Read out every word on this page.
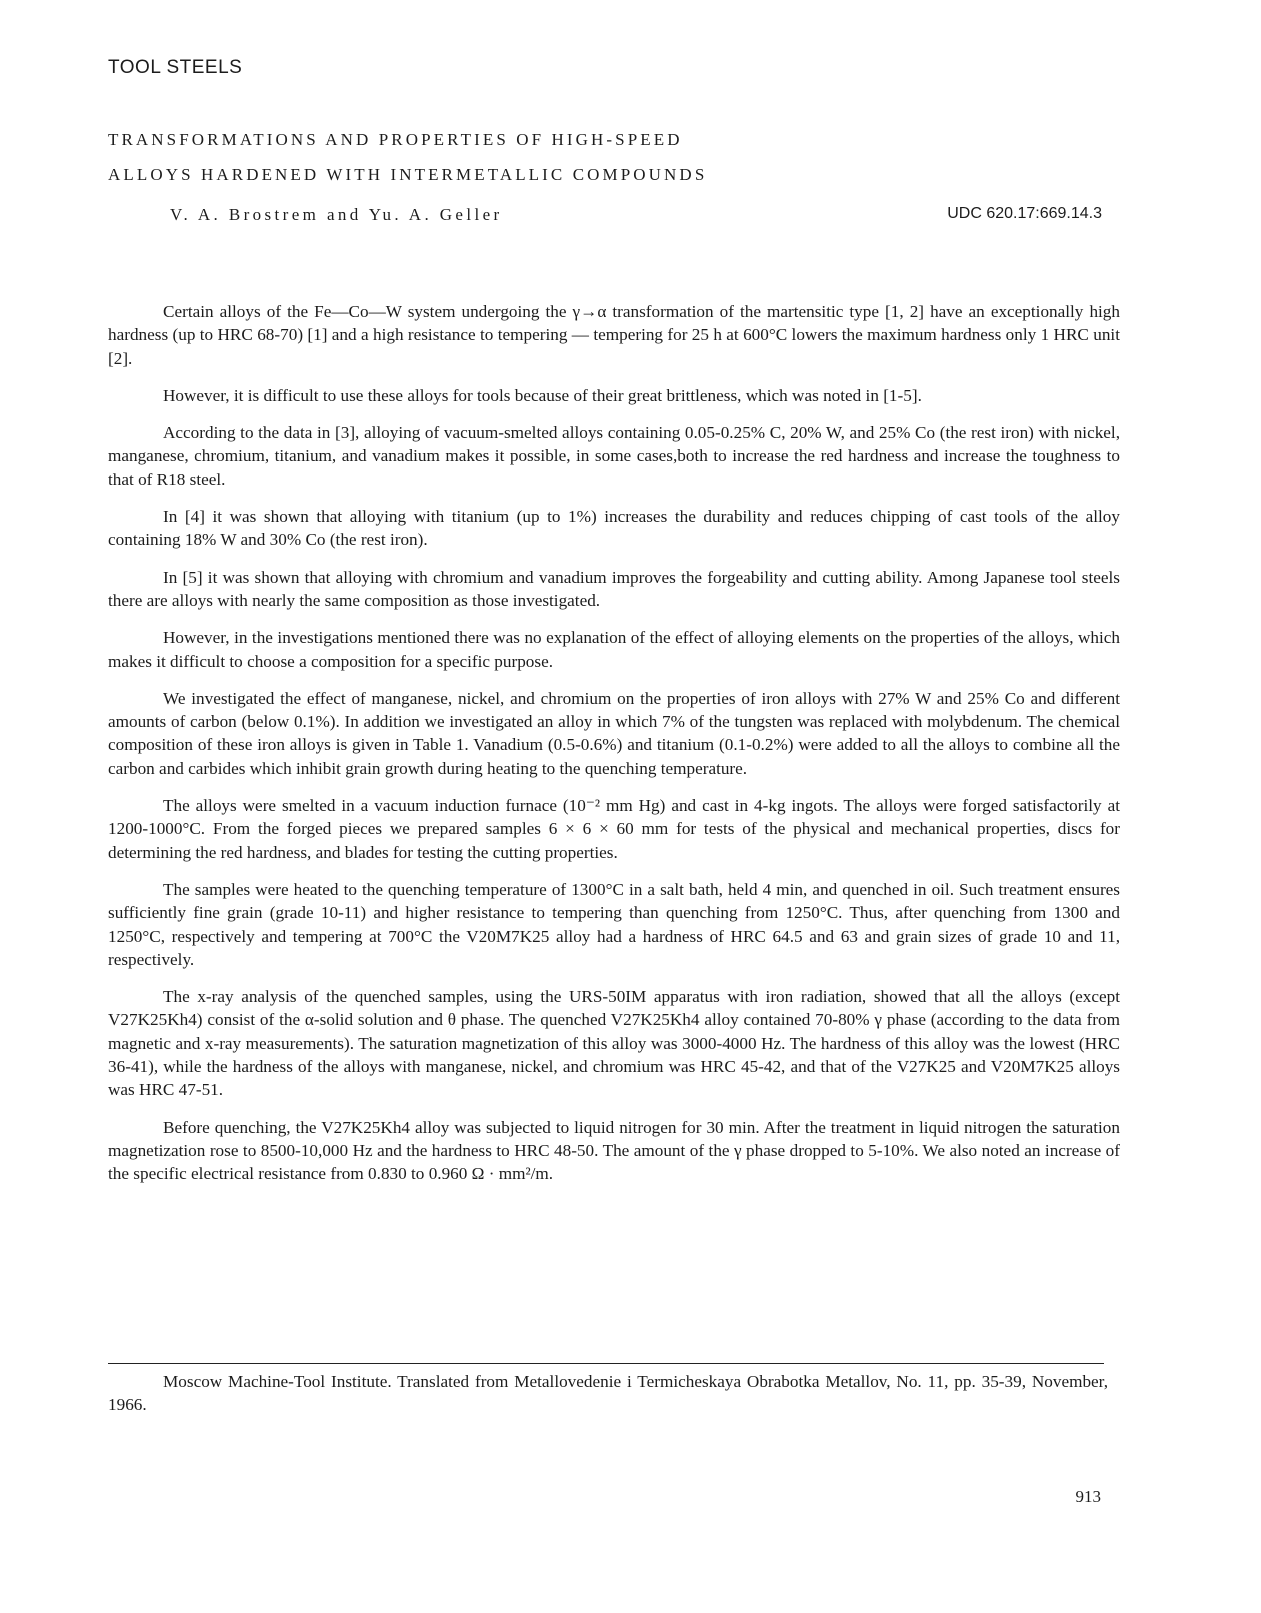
TOOL STEELS
TRANSFORMATIONS AND PROPERTIES OF HIGH-SPEED
ALLOYS HARDENED WITH INTERMETALLIC COMPOUNDS
V. A. Brostrem and Yu. A. Geller	UDC 620.17:669.14.3

Certain alloys of the Fe—Co—W system undergoing the γ→α transformation of the martensitic type [1, 2] have an exceptionally high hardness (up to HRC 68-70) [1] and a high resistance to tempering — tempering for 25 h at 600°C lowers the maximum hardness only 1 HRC unit [2].

However, it is difficult to use these alloys for tools because of their great brittleness, which was noted in [1-5].

According to the data in [3], alloying of vacuum-smelted alloys containing 0.05-0.25% C, 20% W, and 25% Co (the rest iron) with nickel, manganese, chromium, titanium, and vanadium makes it possible, in some cases,both to increase the red hardness and increase the toughness to that of R18 steel.

In [4] it was shown that alloying with titanium (up to 1%) increases the durability and reduces chipping of cast tools of the alloy containing 18% W and 30% Co (the rest iron).

In [5] it was shown that alloying with chromium and vanadium improves the forgeability and cutting ability. Among Japanese tool steels there are alloys with nearly the same composition as those investigated.

However, in the investigations mentioned there was no explanation of the effect of alloying elements on the properties of the alloys, which makes it difficult to choose a composition for a specific purpose.

We investigated the effect of manganese, nickel, and chromium on the properties of iron alloys with 27% W and 25% Co and different amounts of carbon (below 0.1%). In addition we investigated an alloy in which 7% of the tungsten was replaced with molybdenum. The chemical composition of these iron alloys is given in Table 1. Vanadium (0.5-0.6%) and titanium (0.1-0.2%) were added to all the alloys to combine all the carbon and carbides which inhibit grain growth during heating to the quenching temperature.

The alloys were smelted in a vacuum induction furnace (10⁻² mm Hg) and cast in 4-kg ingots. The alloys were forged satisfactorily at 1200-1000°C. From the forged pieces we prepared samples 6 × 6 × 60 mm for tests of the physical and mechanical properties, discs for determining the red hardness, and blades for testing the cutting properties.

The samples were heated to the quenching temperature of 1300°C in a salt bath, held 4 min, and quenched in oil. Such treatment ensures sufficiently fine grain (grade 10-11) and higher resistance to tempering than quenching from 1250°C. Thus, after quenching from 1300 and 1250°C, respectively and tempering at 700°C the V20M7K25 alloy had a hardness of HRC 64.5 and 63 and grain sizes of grade 10 and 11, respectively.

The x-ray analysis of the quenched samples, using the URS-50IM apparatus with iron radiation, showed that all the alloys (except V27K25Kh4) consist of the α-solid solution and θ phase. The quenched V27K25Kh4 alloy contained 70-80% γ phase (according to the data from magnetic and x-ray measurements). The saturation magnetization of this alloy was 3000-4000 Hz. The hardness of this alloy was the lowest (HRC 36-41), while the hardness of the alloys with manganese, nickel, and chromium was HRC 45-42, and that of the V27K25 and V20M7K25 alloys was HRC 47-51.

Before quenching, the V27K25Kh4 alloy was subjected to liquid nitrogen for 30 min. After the treatment in liquid nitrogen the saturation magnetization rose to 8500-10,000 Hz and the hardness to HRC 48-50. The amount of the γ phase dropped to 5-10%. We also noted an increase of the specific electrical resistance from 0.830 to 0.960 Ω · mm²/m.

Moscow Machine-Tool Institute. Translated from Metallovedenie i Termicheskaya Obrabotka Metallov, No. 11, pp. 35-39, November, 1966.

913
